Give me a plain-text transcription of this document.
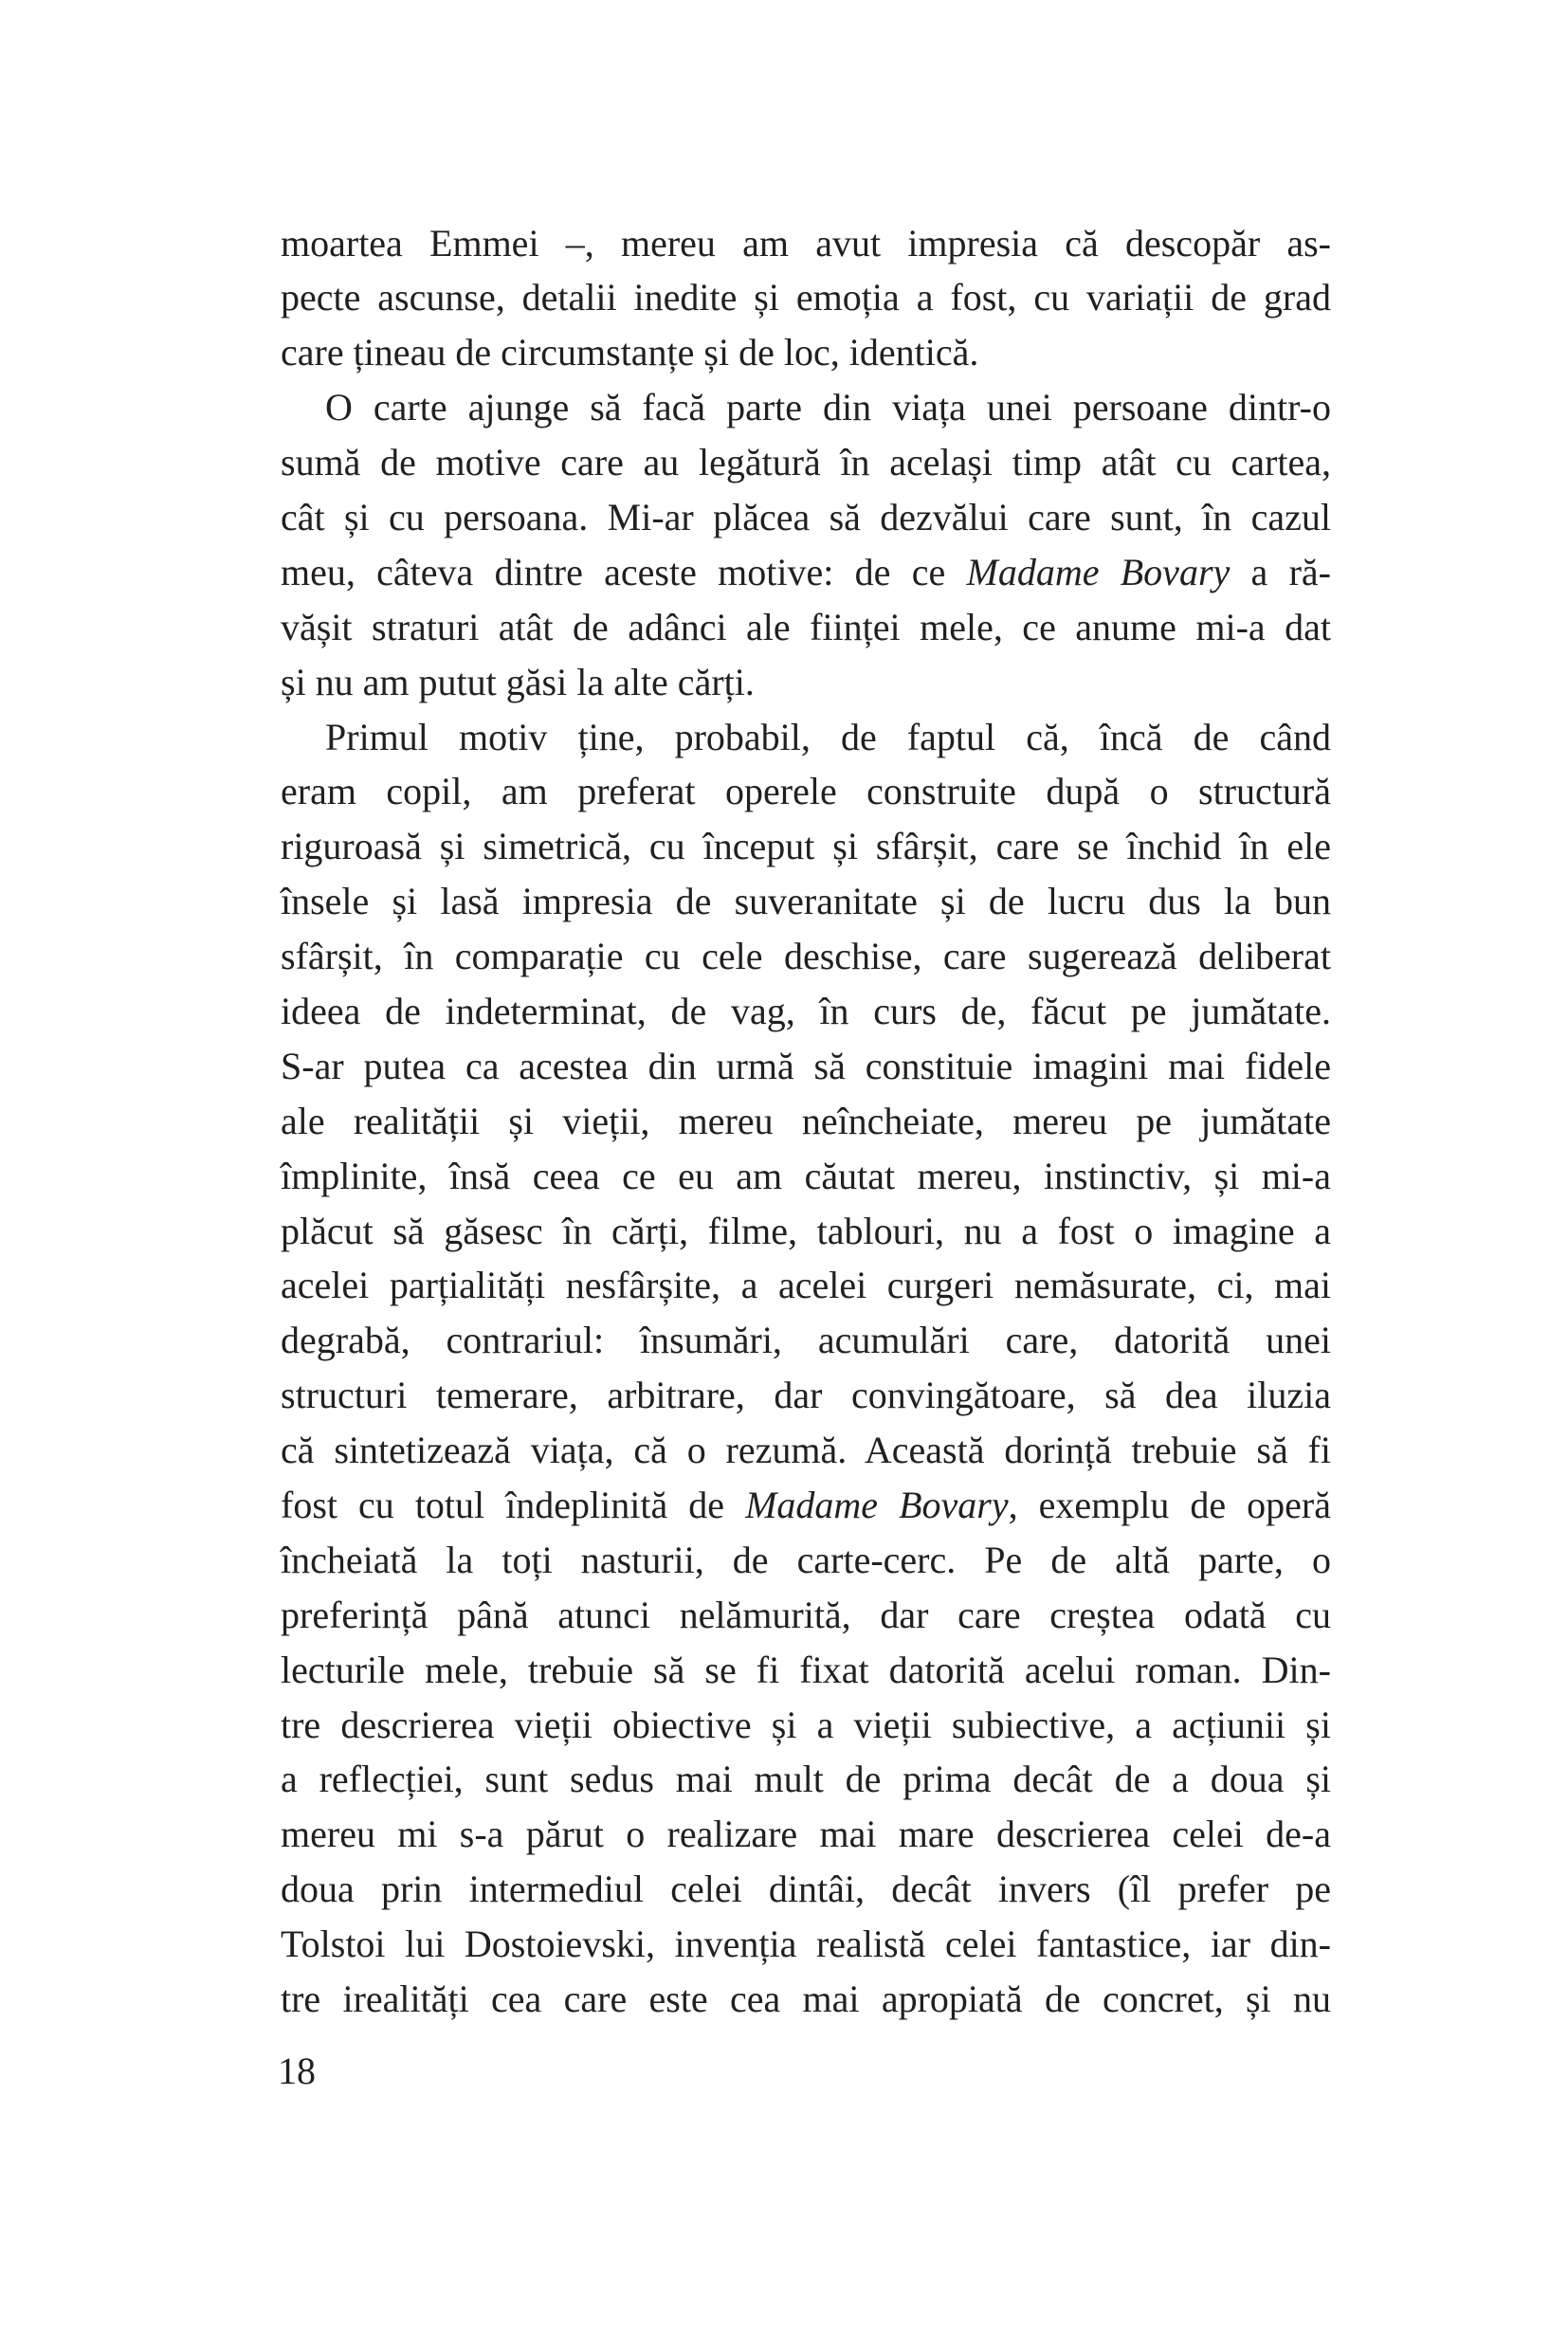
moartea Emmei –, mereu am avut impresia că descopăr as-
pecte ascunse, detalii inedite și emoția a fost, cu variații de grad
care țineau de circumstanțe și de loc, identică.
O carte ajunge să facă parte din viața unei persoane dintr-o
sumă de motive care au legătură în același timp atât cu cartea,
cât și cu persoana. Mi-ar plăcea să dezvălui care sunt, în cazul
meu, câteva dintre aceste motive: de ce Madame Bovary a ră-
vășit straturi atât de adânci ale ființei mele, ce anume mi-a dat
și nu am putut găsi la alte cărți.
Primul motiv ține, probabil, de faptul că, încă de când
eram copil, am preferat operele construite după o structură
riguroasă și simetrică, cu început și sfârșit, care se închid în ele
însele și lasă impresia de suveranitate și de lucru dus la bun
sfârșit, în comparație cu cele deschise, care sugerează deliberat
ideea de indeterminat, de vag, în curs de, făcut pe jumătate.
S-ar putea ca acestea din urmă să constituie imagini mai fidele
ale realității și vieții, mereu neîncheiate, mereu pe jumătate
împlinite, însă ceea ce eu am căutat mereu, instinctiv, și mi-a
plăcut să găsesc în cărți, filme, tablouri, nu a fost o imagine a
acelei parțialități nesfârșite, a acelei curgeri nemăsurate, ci, mai
degrabă, contrariul: însumări, acumulări care, datorită unei
structuri temerare, arbitrare, dar convingătoare, să dea iluzia
că sintetizează viața, că o rezumă. Această dorință trebuie să fi
fost cu totul îndeplinită de Madame Bovary, exemplu de operă
încheiată la toți nasturii, de carte-cerc. Pe de altă parte, o
preferință până atunci nelămurită, dar care creștea odată cu
lecturile mele, trebuie să se fi fixat datorită acelui roman. Din-
tre descrierea vieții obiective și a vieții subiective, a acțiunii și
a reflecției, sunt sedus mai mult de prima decât de a doua și
mereu mi s-a părut o realizare mai mare descrierea celei de-a
doua prin intermediul celei dintâi, decât invers (îl prefer pe
Tolstoi lui Dostoievski, invenția realistă celei fantastice, iar din-
tre irealități cea care este cea mai apropiată de concret, și nu
18
